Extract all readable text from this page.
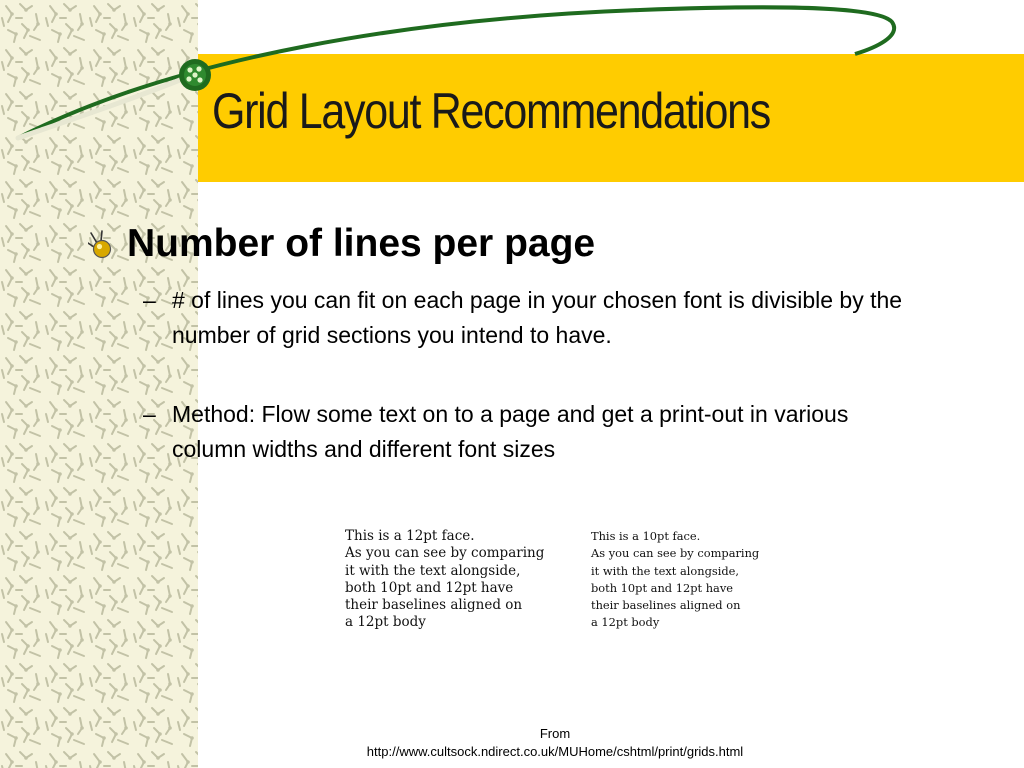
Grid Layout Recommendations
Number of lines per page
– # of lines you can fit on each page in your chosen font is divisible by the number of grid sections you intend to have.
– Method: Flow some text on to a page and get a print-out in various column widths and different font sizes
This is a 12pt face.
As you can see by comparing
it with the text alongside,
both 10pt and 12pt have
their baselines aligned on
a 12pt body
This is a 10pt face.
As you can see by comparing
it with the text alongside,
both 10pt and 12pt have
their baselines aligned on
a 12pt body
From
http://www.cultsock.ndirect.co.uk/MUHome/cshtml/print/grids.html
